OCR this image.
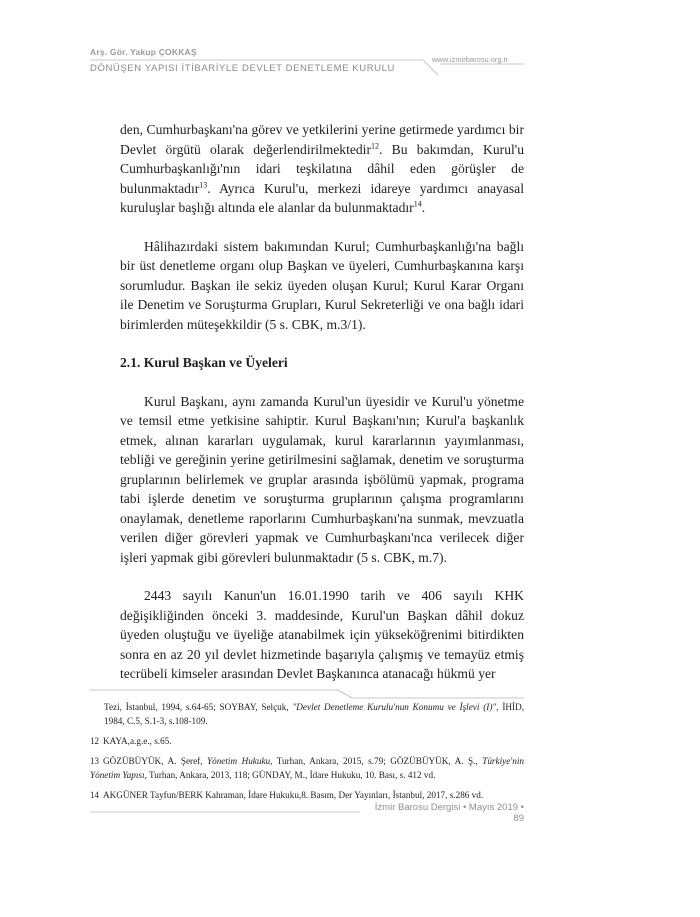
Arş. Gör. Yakup ÇOKKAŞ
www.izmirbarosu.org.tr
DÖNÜŞEN YAPISI İTİBARİYLE DEVLET DENETLEME KURULU

den, Cumhurbaşkanı'na görev ve yetkilerini yerine getirmede yardımcı bir Devlet örgütü olarak değerlendirilmektedir$^{12}$. Bu bakımdan, Kurul'u Cumhurbaşkanlığı'nın idari teşkilatına dâhil eden görüşler de bulunmaktadır$^{13}$. Ayrıca Kurul'u, merkezi idareye yardımcı anayasal kuruluşlar başlığı altında ele alanlar da bulunmaktadır$^{14}$.

Hâlihazırdaki sistem bakımından Kurul; Cumhurbaşkanlığı'na bağlı bir üst denetleme organı olup Başkan ve üyeleri, Cumhurbaşkanına karşı sorumludur. Başkan ile sekiz üyeden oluşan Kurul; Kurul Karar Organı ile Denetim ve Soruşturma Grupları, Kurul Sekreterliği ve ona bağlı idari birimlerden müteşekkildir (5 s. CBK, m.3/1).

2.1. Kurul Başkan ve Üyeleri

Kurul Başkanı, aynı zamanda Kurul'un üyesidir ve Kurul'u yönetme ve temsil etme yetkisine sahiptir. Kurul Başkanı'nın; Kurul'a başkanlık etmek, alınan kararları uygulamak, kurul kararlarının yayımlanması, tebliği ve gereğinin yerine getirilmesini sağlamak, denetim ve soruşturma gruplarının belirlemek ve gruplar arasında işbölümü yapmak, programa tabi işlerde denetim ve soruşturma gruplarının çalışma programlarını onaylamak, denetleme raporlarını Cumhurbaşkanı'na sunmak, mevzuatla verilen diğer görevleri yapmak ve Cumhurbaşkanı'nca verilecek diğer işleri yapmak gibi görevleri bulunmaktadır (5 s. CBK, m.7).

2443 sayılı Kanun'un 16.01.1990 tarih ve 406 sayılı KHK değişikliğinden önceki 3. maddesinde, Kurul'un Başkan dâhil dokuz üyeden oluştuğu ve üyeliğe atanabilmek için yükseköğrenimi bitirdikten sonra en az 20 yıl devlet hizmetinde başarıyla çalışmış ve temayüz etmiş tecrübeli kimseler arasından Devlet Başkanınca atanacağı hükmü yer

Tezi, İstanbul, 1994, s.64-65; SOYBAY, Selçuk, "Devlet Denetleme Kurulu'nun Konumu ve İşlevi (I)", İHİD, 1984, C.5, S.1-3, s.108-109.

12 KAYA,a.g.e., s.65.

13 GÖZÜBÜYÜK, A. Şeref, Yönetim Hukuku, Turhan, Ankara, 2015, s.79; GÖZÜBÜYÜK, A. Ş., Türkiye'nin Yönetim Yapısı, Turhan, Ankara, 2013, 118; GÜNDAY, M., İdare Hukuku, 10. Bası, s. 412 vd.

14 AKGÜNER Tayfun/BERK Kahraman, İdare Hukuku,8. Basım, Der Yayınları, İstanbul, 2017, s.286 vd.

İzmir Barosu Dergisi • Mayıs 2019 • 89
